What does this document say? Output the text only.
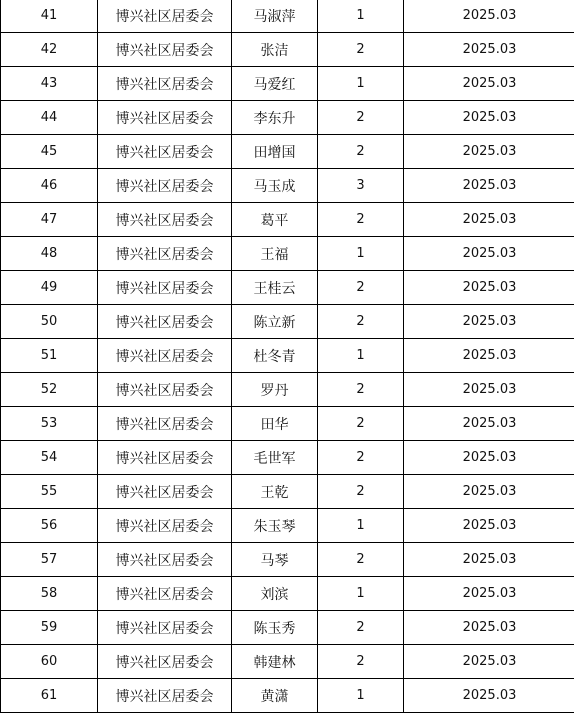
41	博兴社区居委会	马淑萍	1	2025.03
42	博兴社区居委会	张洁	2	2025.03
43	博兴社区居委会	马爱红	1	2025.03
44	博兴社区居委会	李东升	2	2025.03
45	博兴社区居委会	田增国	2	2025.03
46	博兴社区居委会	马玉成	3	2025.03
47	博兴社区居委会	葛平	2	2025.03
48	博兴社区居委会	王福	1	2025.03
49	博兴社区居委会	王桂云	2	2025.03
50	博兴社区居委会	陈立新	2	2025.03
51	博兴社区居委会	杜冬青	1	2025.03
52	博兴社区居委会	罗丹	2	2025.03
53	博兴社区居委会	田华	2	2025.03
54	博兴社区居委会	毛世军	2	2025.03
55	博兴社区居委会	王乾	2	2025.03
56	博兴社区居委会	朱玉琴	1	2025.03
57	博兴社区居委会	马琴	2	2025.03
58	博兴社区居委会	刘滨	1	2025.03
59	博兴社区居委会	陈玉秀	2	2025.03
60	博兴社区居委会	韩建林	2	2025.03
61	博兴社区居委会	黄潇	1	2025.03
